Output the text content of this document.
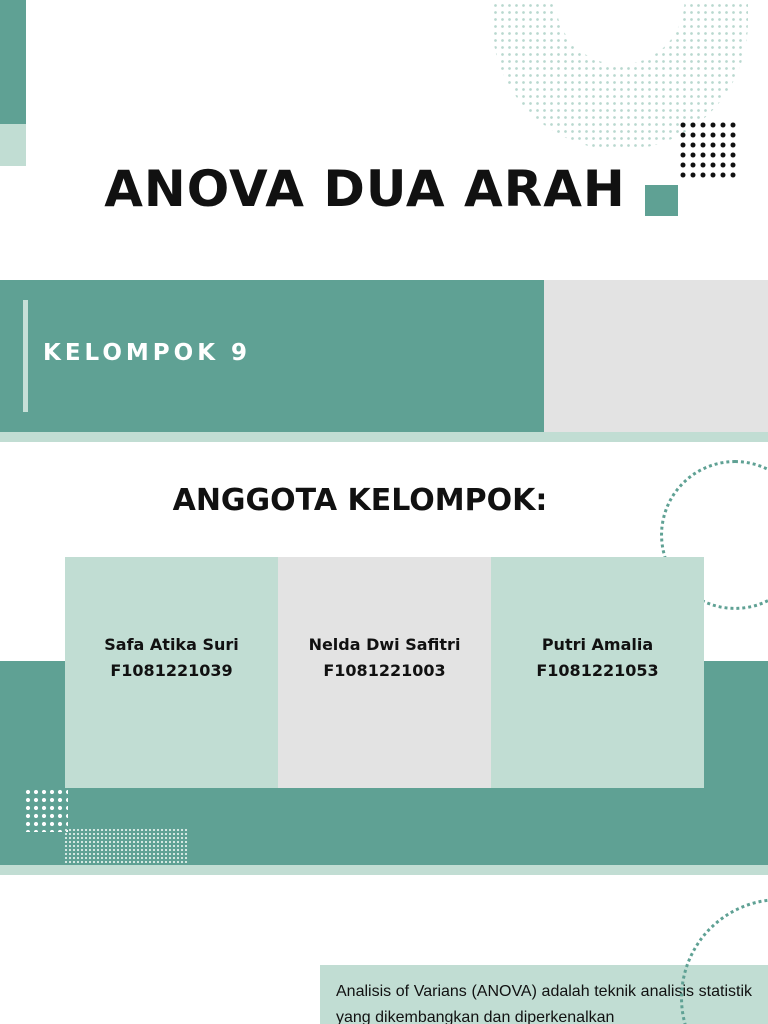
ANOVA DUA ARAH
KELOMPOK 9
ANGGOTA KELOMPOK:
Safa Atika Suri
F1081221039
Nelda Dwi Safitri
F1081221003
Putri Amalia
F1081221053

Analisis of Varians (ANOVA) adalah teknik analisis statistik yang dikembangkan dan diperkenalkan
